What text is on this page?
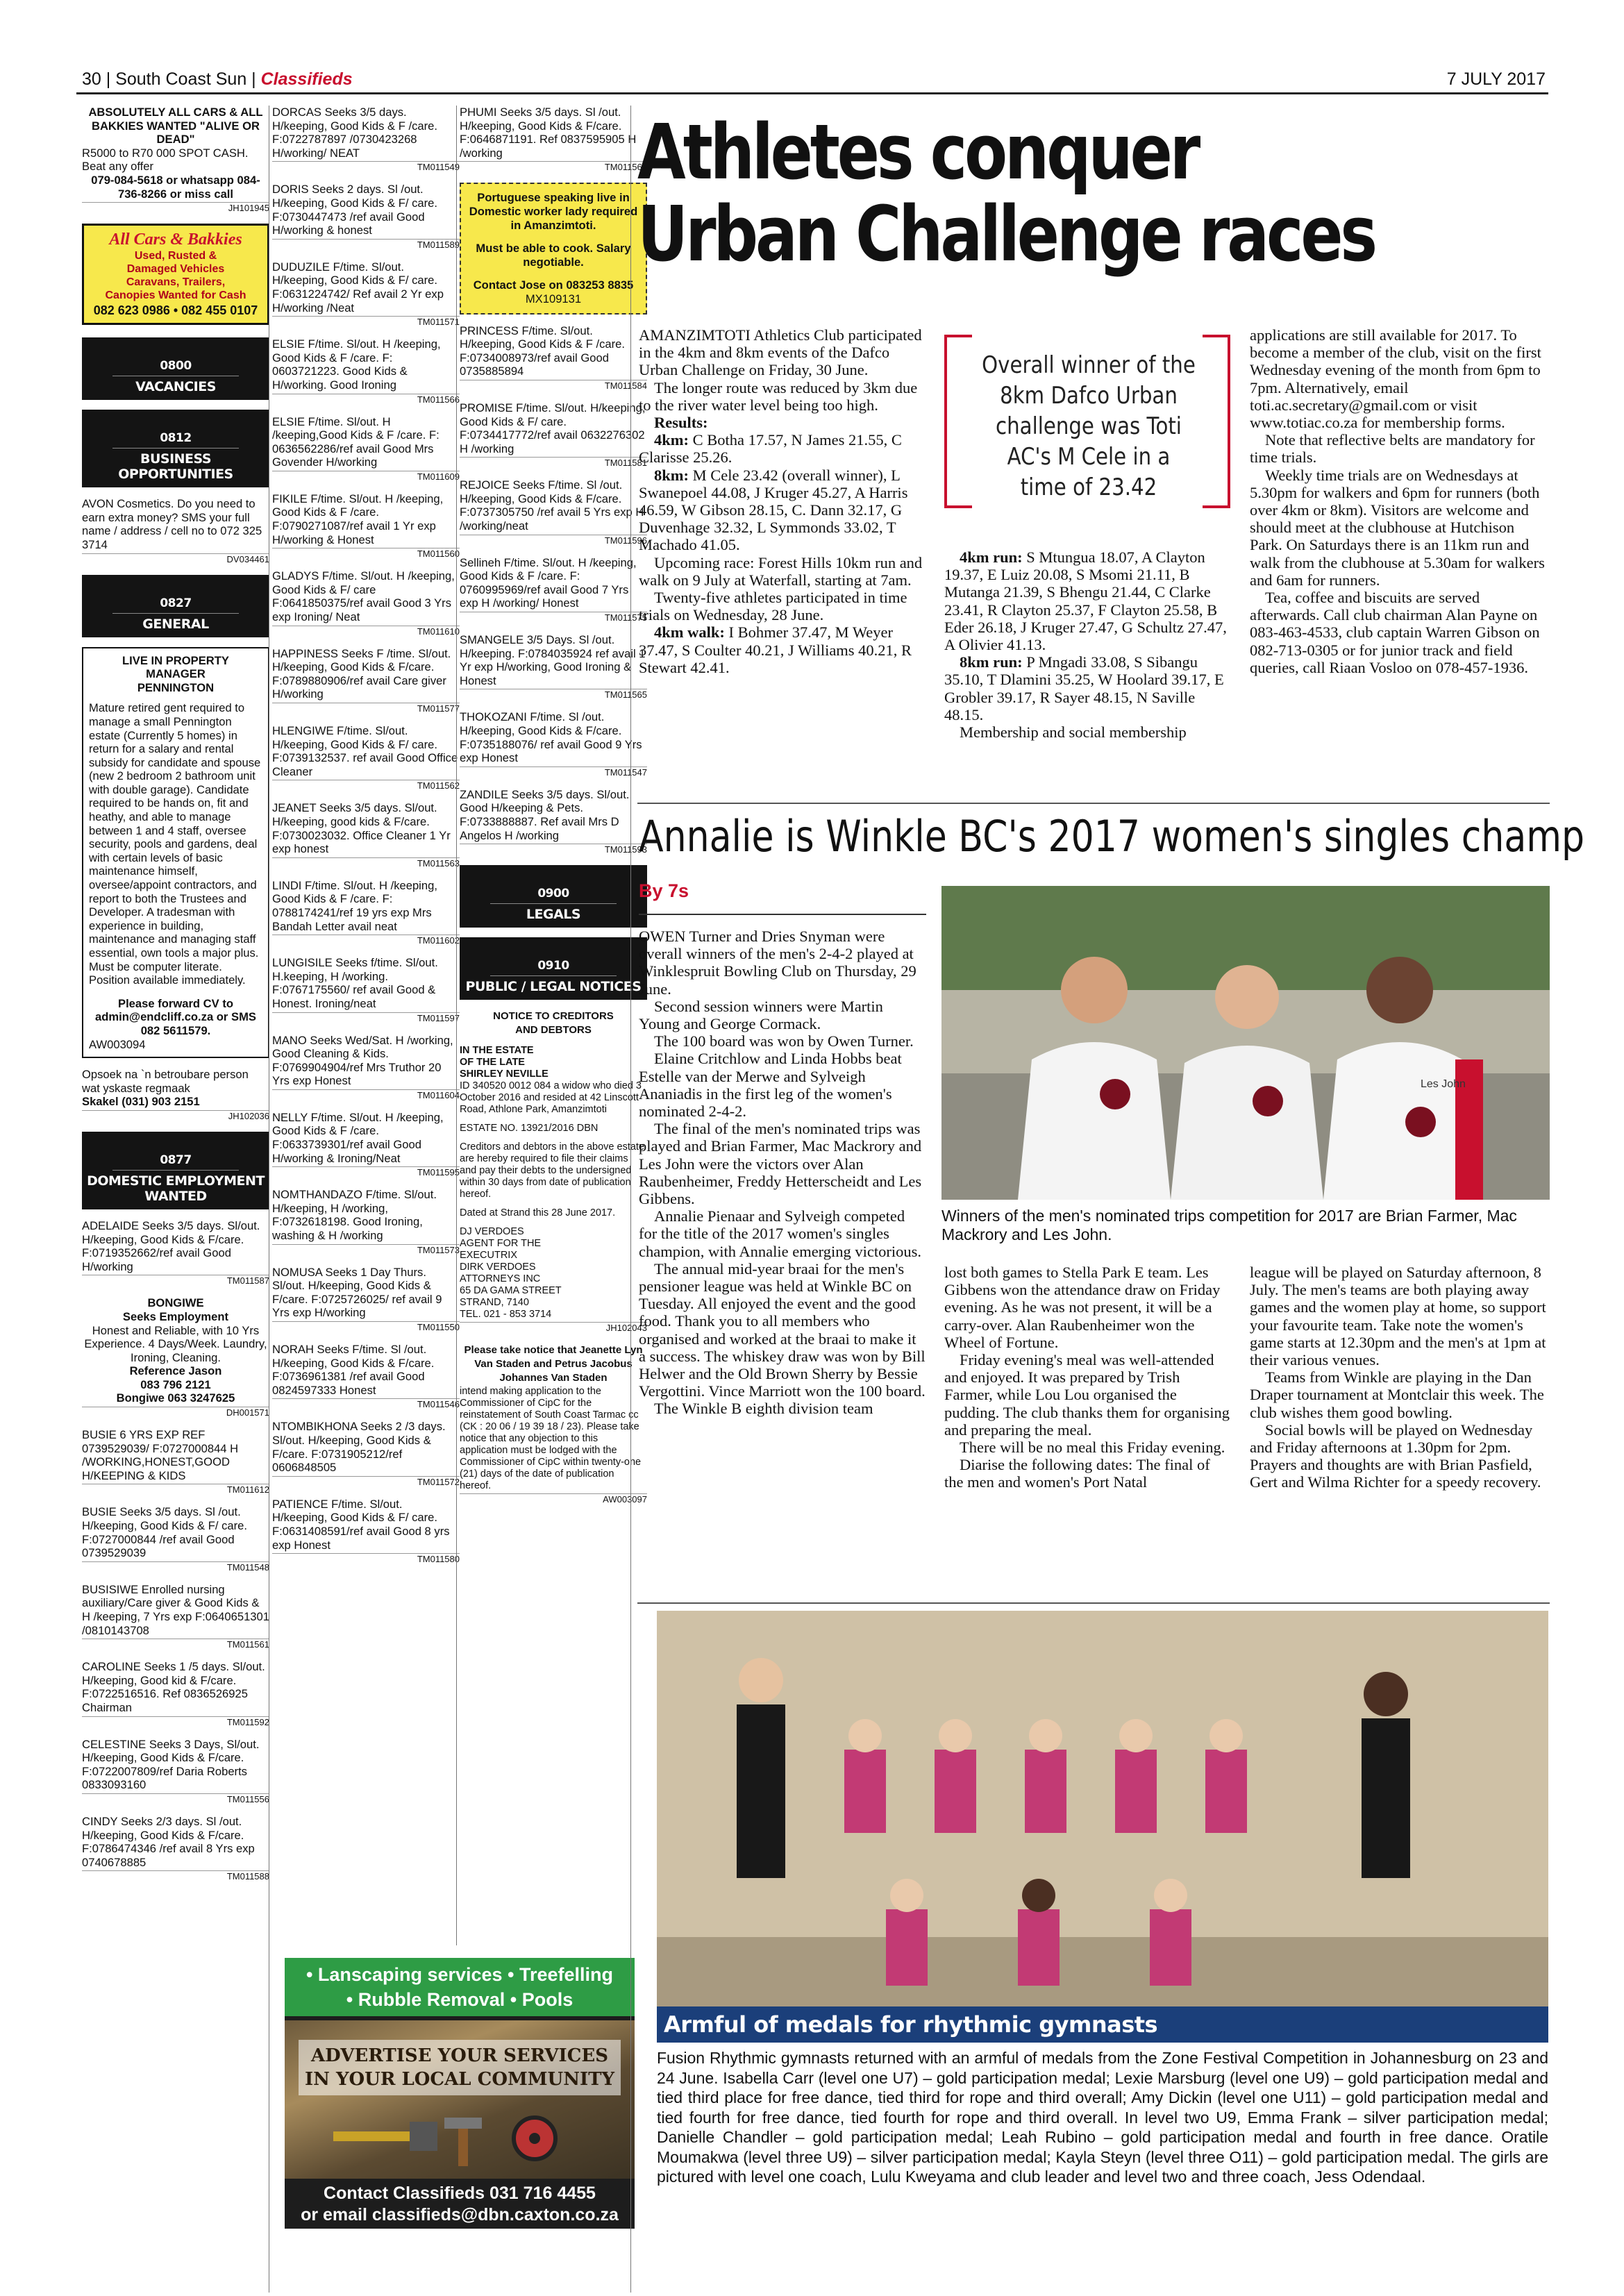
30 | South Coast Sun | Classifieds	7 JULY 2017
ABSOLUTELY ALL CARS & ALL BAKKIES WANTED "ALIVE OR DEAD"
R5000 to R70 000 SPOT CASH. Beat any offer
079-084-5618 or whatsapp 084-736-8266 or miss call
JH101945
All Cars & Bakkies
Used, Rusted &
Damaged Vehicles
Caravans, Trailers,
Canopies Wanted for Cash
082 623 0986 • 082 455 0107

0800
VACANCIES

0812
BUSINESS
OPPORTUNITIES

AVON Cosmetics. Do you need to earn extra money? SMS your full name / address / cell no to 072 325 3714
DV034461

0827
GENERAL

LIVE IN PROPERTY
MANAGER
PENNINGTON
Mature retired gent required to manage a small Pennington estate (Currently 5 homes) in return for a salary and rental subsidy for candidate and spouse (new 2 bedroom 2 bathroom unit with double garage). Candidate required to be hands on, fit and heathy, and able to manage between 1 and 4 staff, oversee security, pools and gardens, deal with certain levels of basic maintenance himself, oversee/appoint contractors, and report to both the Trustees and Developer. A tradesman with experience in building, maintenance and managing staff essential, own tools a major plus. Must be computer literate. Position available immediately.
Please forward CV to admin@endcliff.co.za or SMS 082 5611579.
AW003094
Opsoek na `n betroubare person wat yskaste regmaak
Skakel (031) 903 2151
JH102036

0877
DOMESTIC EMPLOYMENT
WANTED

ADELAIDE Seeks 3/5 days. Sl/out. H/keeping, Good Kids & F/care. F:0719352662/ref avail Good H/working
TM011587
BONGIWE
Seeks Employment
Honest and Reliable, with 10 Yrs Experience. 4 Days/Week. Laundry, Ironing, Cleaning.
Reference Jason
083 796 2121
Bongiwe 063 3247625
DH001571
BUSIE 6 YRS EXP REF 0739529039/ F:0727000844 H /WORKING,HONEST,GOOD H/KEEPING & KIDS
TM011612
BUSIE Seeks 3/5 days. Sl /out. H/keeping, Good Kids & F/ care. F:0727000844 /ref avail Good 0739529039
TM011548
BUSISIWE Enrolled nursing auxiliary/Care giver & Good Kids & H /keeping, 7 Yrs exp F:0640651301 /0810143708
TM011561
CAROLINE Seeks 1 /5 days. Sl/out. H/keeping, Good kid & F/care. F:0722516516. Ref 0836526925 Chairman
TM011592
CELESTINE Seeks 3 Days, Sl/out. H/keeping, Good Kids & F/care. F:0722007809/ref Daria Roberts 0833093160
TM011556
CINDY Seeks 2/3 days. Sl /out. H/keeping, Good Kids & F/care. F:0786474346 /ref avail 8 Yrs exp 0740678885
TM011588
DORCAS Seeks 3/5 days. H/keeping, Good Kids & F /care. F:0722787897 /0730423268 H/working/ NEAT
TM011549
DORIS Seeks 2 days. Sl /out. H/keeping, Good Kids & F/ care. F:0730447473 /ref avail Good H/working & honest
TM011589
DUDUZILE F/time. Sl/out. H/keeping, Good Kids & F/ care. F:0631224742/ Ref avail 2 Yr exp H/working /Neat
TM011571
ELSIE F/time. Sl/out. H /keeping, Good Kids & F /care. F: 0603721223. Good Kids & H/working. Good Ironing
TM011566
ELSIE F/time. Sl/out. H /keeping,Good Kids & F /care. F: 0636562286/ref avail Good Mrs Govender H/working
TM011609
FIKILE F/time. Sl/out. H /keeping, Good Kids & F /care. F:0790271087/ref avail 1 Yr exp H/working & Honest
TM011560
GLADYS F/time. Sl/out. H /keeping, Good Kids & F/ care F:0641850375/ref avail Good 3 Yrs exp Ironing/ Neat
TM011610
HAPPINESS Seeks F /time. Sl/out. H/keeping, Good Kids & F/care. F:0789880906/ref avail Care giver H/working
TM011577
HLENGIWE F/time. Sl/out. H/keeping, Good Kids & F/ care. F:0739132537. ref avail Good Office Cleaner
TM011562
JEANET Seeks 3/5 days. Sl/out. H/keeping, good kids & F/care. F:0730023032. Office Cleaner 1 Yr exp honest
TM011563
LINDI F/time. Sl/out. H /keeping, Good Kids & F /care. F: 0788174241/ref 19 yrs exp Mrs Bandah Letter avail neat
TM011602
LUNGISILE Seeks f/time. Sl/out. H.keeping, H /working. F:0767175560/ ref avail Good & Honest. Ironing/neat
TM011597
MANO Seeks Wed/Sat. H /working, Good Cleaning & Kids. F:0769904904/ref Mrs Truthor 20 Yrs exp Honest
TM011604
NELLY F/time. Sl/out. H /keeping, Good Kids & F /care. F:0633739301/ref avail Good H/working & Ironing/Neat
TM011595
NOMTHANDAZO F/time. Sl/out. H/keeping, H /working, F:0732618198. Good Ironing, washing & H /working
TM011573
NOMUSA Seeks 1 Day Thurs. Sl/out. H/keeping, Good Kids & F/care. F:0725726025/ ref avail 9 Yrs exp H/working
TM011550
NORAH Seeks F/time. Sl /out. H/keeping, Good Kids & F/care. F:0736961381 /ref avail Good 0824597333 Honest
TM011546
NTOMBIKHONA Seeks 2 /3 days. Sl/out. H/keeping, Good Kids & F/care. F:0731905212/ref 0606848505
TM011572
PATIENCE F/time. Sl/out. H/keeping, Good Kids & F/ care. F:0631408591/ref avail Good 8 yrs exp Honest
TM011580
PHUMI Seeks 3/5 days. Sl /out. H/keeping, Good Kids & F/care. F:0646871191. Ref 0837595905 H /working
TM011569
Portuguese speaking live in Domestic worker lady required in Amanzimtoti.
Must be able to cook. Salary negotiable.
Contact Jose on 083253 8835
MX109131
PRINCESS F/time. Sl/out. H/keeping, Good Kids & F /care. F:0734008973/ref avail Good 0735885894
TM011584
PROMISE F/time. Sl/out. H/keeping, Good Kids & F/ care. F:0734417772/ref avail 0632276302 H /working
TM011581
REJOICE Seeks F/time. Sl /out. H/keeping, Good Kids & F/care. F:0737305750 /ref avail 5 Yrs exp H /working/neat
TM011596
Sellineh F/time. Sl/out. H /keeping, Good Kids & F /care. F: 0760995969/ref avail Good 7 Yrs exp H /working/ Honest
TM011575
SMANGELE 3/5 Days. Sl /out. H/keeping. F:0784035924 ref avail 1 Yr exp H/working, Good Ironing & Honest
TM011565
THOKOZANI F/time. Sl /out. H/keeping, Good Kids & F/care. F:0735188076/ ref avail Good 9 Yrs exp Honest
TM011547
ZANDILE Seeks 3/5 days. Sl/out. Good H/keeping & Pets. F:0733888887. Ref avail Mrs D Angelos H /working
TM011593

0900
LEGALS

0910
PUBLIC / LEGAL NOTICES

NOTICE TO CREDITORS
AND DEBTORS
IN THE ESTATE
OF THE LATE
SHIRLEY NEVILLE
ID 340520 0012 084 a widow who died 3 October 2016 and resided at 42 Linscott Road, Athlone Park, Amanzimtoti
ESTATE NO. 13921/2016 DBN
Creditors and debtors in the above estate are hereby required to file their claims and pay their debts to the undersigned within 30 days from date of publication hereof.
Dated at Strand this 28 June 2017.
DJ VERDOES
AGENT FOR THE
EXECUTRIX
DIRK VERDOES
ATTORNEYS INC
65 DA GAMA STREET
STRAND, 7140
TEL. 021 - 853 3714
JH102043
Please take notice that Jeanette Lyn Van Staden and Petrus Jacobus Johannes Van Staden
intend making application to the Commissioner of CipC for the reinstatement of South Coast Tarmac cc (CK : 20 06 / 19 39 18 / 23). Please take notice that any objection to this application must be lodged with the Commissioner of CipC within twenty-one (21) days of the date of publication hereof.
AW003097
• Lanscaping services • Treefelling
• Rubble Removal • Pools
ADVERTISE YOUR SERVICES
IN YOUR LOCAL COMMUNITY
Contact Classifieds 031 716 4455
or email classifieds@dbn.caxton.co.za
Athletes conquer
Urban Challenge races

AMANZIMTOTI Athletics Club participated in the 4km and 8km events of the Dafco Urban Challenge on Friday, 30 June.

The longer route was reduced by 3km due to the river water level being too high.

Results:

4km: C Botha 17.57, N James 21.55, C Clarisse 25.26.

8km: M Cele 23.42 (overall winner), L Swanepoel 44.08, J Kruger 45.27, A Harris 46.59, W Gibson 28.15, C. Dann 32.17, G Duvenhage 32.32, L Symmonds 33.02, T Machado 41.05.

Upcoming race: Forest Hills 10km run and walk on 9 July at Waterfall, starting at 7am.

Twenty-five athletes participated in time trials on Wednesday, 28 June.

4km walk: I Bohmer 37.47, M Weyer 37.47, S Coulter 40.21, J Williams 40.21, R Stewart 42.41.

Overall winner of the 8km Dafco Urban challenge was Toti AC's M Cele in a time of 23.42

4km run: S Mtungua 18.07, A Clayton 19.37, E Luiz 20.08, S Msomi 21.11, B Mutanga 21.39, S Bhengu 21.44, C Clarke 23.41, R Clayton 25.37, F Clayton 25.58, B Eder 26.18, J Kruger 27.47, G Schultz 27.47, A Olivier 41.13.

8km run: P Mngadi 33.08, S Sibangu 35.10, T Dlamini 35.25, W Hoolard 39.17, E Grobler 39.17, R Sayer 48.15, N Saville 48.15.

Membership and social membership

applications are still available for 2017. To become a member of the club, visit on the first Wednesday evening of the month from 6pm to 7pm. Alternatively, email toti.ac.secretary@gmail.com or visit www.totiac.co.za for membership forms.

Note that reflective belts are mandatory for time trials.

Weekly time trials are on Wednesdays at 5.30pm for walkers and 6pm for runners (both over 4km or 8km). Visitors are welcome and should meet at the clubhouse at Hutchison Park. On Saturdays there is an 11km run and walk from the clubhouse at 5.30am for walkers and 6am for runners.

Tea, coffee and biscuits are served afterwards. Call club chairman Alan Payne on 083-463-4533, club captain Warren Gibson on 082-713-0305 or for junior track and field queries, call Riaan Vosloo on 078-457-1936.

Annalie is Winkle BC's 2017 women's singles champ
By 7s
Les John
Winners of the men's nominated trips competition for 2017 are Brian Farmer, Mac Mackrory and Les John.

OWEN Turner and Dries Snyman were overall winners of the men's 2-4-2 played at Winklespruit Bowling Club on Thursday, 29 June.

Second session winners were Martin Young and George Cormack.

The 100 board was won by Owen Turner.

Elaine Critchlow and Linda Hobbs beat Estelle van der Merwe and Sylveigh Ananiadis in the first leg of the women's nominated 2-4-2.

The final of the men's nominated trips was played and Brian Farmer, Mac Mackrory and Les John were the victors over Alan Raubenheimer, Freddy Hetterscheidt and Les Gibbens.

Annalie Pienaar and Sylveigh competed for the title of the 2017 women's singles champion, with Annalie emerging victorious.

The annual mid-year braai for the men's pensioner league was held at Winkle BC on Tuesday. All enjoyed the event and the good food. Thank you to all members who organised and worked at the braai to make it a success. The whiskey draw was won by Bill Helwer and the Old Brown Sherry by Bessie Vergottini. Vince Marriott won the 100 board.

The Winkle B eighth division team

lost both games to Stella Park E team. Les Gibbens won the attendance draw on Friday evening. As he was not present, it will be a carry-over. Alan Raubenheimer won the Wheel of Fortune.

Friday evening's meal was well-attended and enjoyed. It was prepared by Trish Farmer, while Lou Lou organised the pudding. The club thanks them for organising and preparing the meal.

There will be no meal this Friday evening.

Diarise the following dates: The final of the men and women's Port Natal

league will be played on Saturday afternoon, 8 July. The men's teams are both playing away games and the women play at home, so support your favourite team. Take note the women's game starts at 12.30pm and the men's at 1pm at their various venues.

Teams from Winkle are playing in the Dan Draper tournament at Montclair this week. The club wishes them good bowling.

Social bowls will be played on Wednesday and Friday afternoons at 1.30pm for 2pm. Prayers and thoughts are with Brian Pasfield, Gert and Wilma Richter for a speedy recovery.

Armful of medals for rhythmic gymnasts
Fusion Rhythmic gymnasts returned with an armful of medals from the Zone Festival Competition in Johannesburg on 23 and 24 June. Isabella Carr (level one U7) – gold participation medal; Lexie Marsburg (level one U9) – gold participation medal and tied third place for free dance, tied third for rope and third overall; Amy Dickin (level one U11) – gold participation medal and tied fourth for free dance, tied fourth for rope and third overall. In level two U9, Emma Frank – silver participation medal; Danielle Chandler – gold participation medal; Leah Rubino – gold participation medal and fourth in free dance. Oratile Moumakwa (level three U9) – silver participation medal; Kayla Steyn (level three O11) – gold participation medal. The girls are pictured with level one coach, Lulu Kweyama and club leader and level two and three coach, Jess Odendaal.
